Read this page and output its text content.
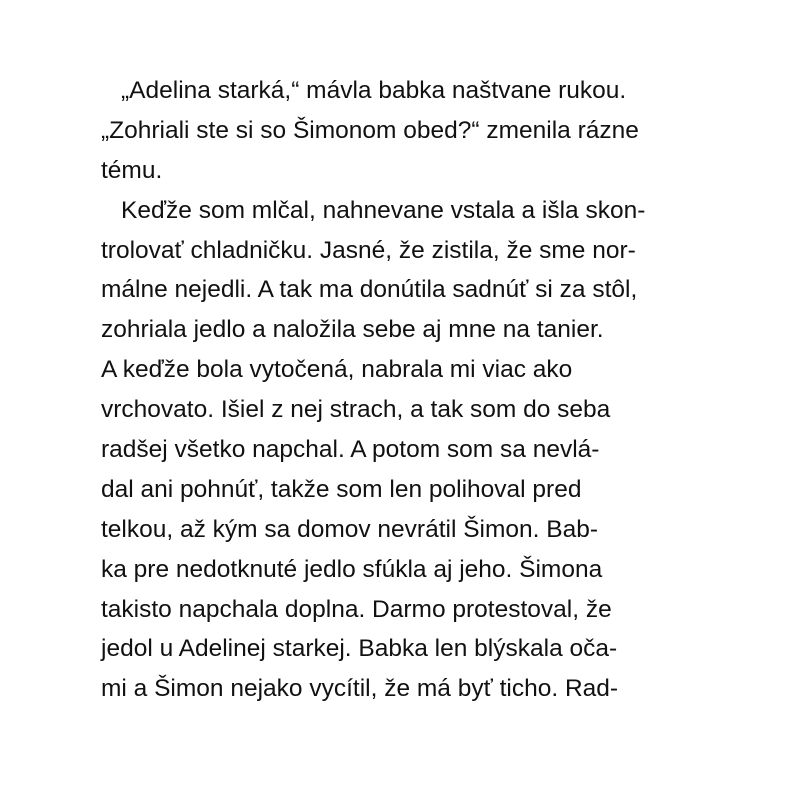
„Adelina starká,“ mávla babka naštvane rukou.
„Zohriali ste si so Šimonom obed?“ zmenila rázne
tému.
Keďže som mlčal, nahnevane vstala a išla skon-
trolovať chladničku. Jasné, že zistila, že sme nor-
málne nejedli. A tak ma donútila sadnúť si za stôl,
zohriala jedlo a naložila sebe aj mne na tanier.
A keďže bola vytočená, nabrala mi viac ako
vrchovato. Išiel z nej strach, a tak som do seba
radšej všetko napchal. A potom som sa nevlá-
dal ani pohnúť, takže som len polihoval pred
telkou, až kým sa domov nevrátil Šimon. Bab-
ka pre nedotknuté jedlo sfúkla aj jeho. Šimona
takisto napchala doplna. Darmo protestoval, že
jedol u Adelinej starkej. Babka len blýskala oča-
mi a Šimon nejako vycítil, že má byť ticho. Rad-
